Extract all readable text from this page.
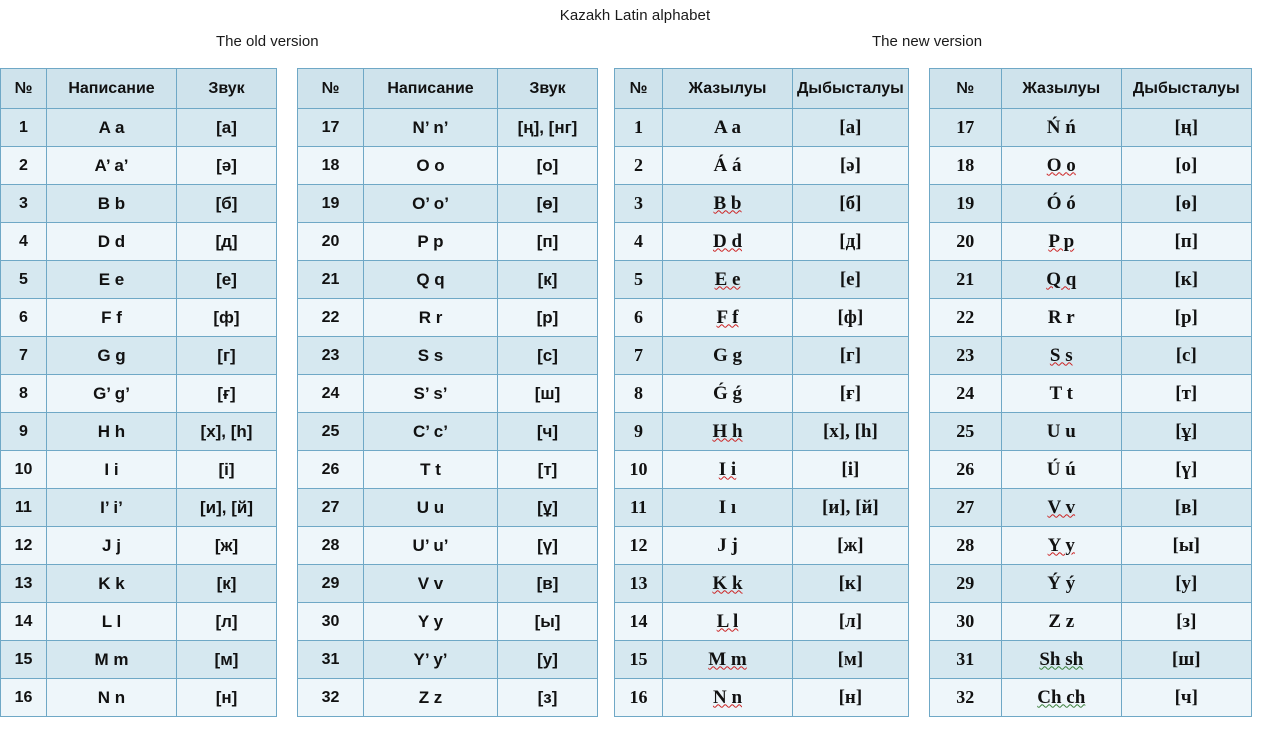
Kazakh Latin alphabet
The old version	The new version
№	Написание	Звук
1	A a	[а]
2	A’ a’	[ә]
3	B b	[б]
4	D d	[д]
5	E e	[е]
6	F f	[ф]
7	G g	[г]
8	G’ g’	[ғ]
9	H h	[х], [h]
10	I i	[і]
11	I’ i’	[и], [й]
12	J j	[ж]
13	K k	[к]
14	L l	[л]
15	M m	[м]
16	N n	[н]
№	Написание	Звук
17	N’ n’	[ң], [нг]
18	O o	[о]
19	O’ o’	[ө]
20	P p	[п]
21	Q q	[к]
22	R r	[р]
23	S s	[с]
24	S’ s’	[ш]
25	C’ c’	[ч]
26	T t	[т]
27	U u	[ұ]
28	U’ u’	[ү]
29	V v	[в]
30	Y y	[ы]
31	Y’ y’	[у]
32	Z z	[з]
№	Жазылуы	Дыбысталуы
1	A a	[а]
2	Á á	[ә]
3	B b	[б]
4	D d	[д]
5	E e	[е]
6	F f	[ф]
7	G g	[г]
8	Ǵ ǵ	[ғ]
9	H h	[х], [h]
10	I i	[і]
11	I ı	[и], [й]
12	J j	[ж]
13	K k	[к]
14	L l	[л]
15	M m	[м]
16	N n	[н]
№	Жазылуы	Дыбысталуы
17	Ń ń	[ң]
18	O o	[о]
19	Ó ó	[ө]
20	P p	[п]
21	Q q	[к]
22	R r	[р]
23	S s	[с]
24	T t	[т]
25	U u	[ұ]
26	Ú ú	[ү]
27	V v	[в]
28	Y y	[ы]
29	Ý ý	[у]
30	Z z	[з]
31	Sh sh	[ш]
32	Ch ch	[ч]
